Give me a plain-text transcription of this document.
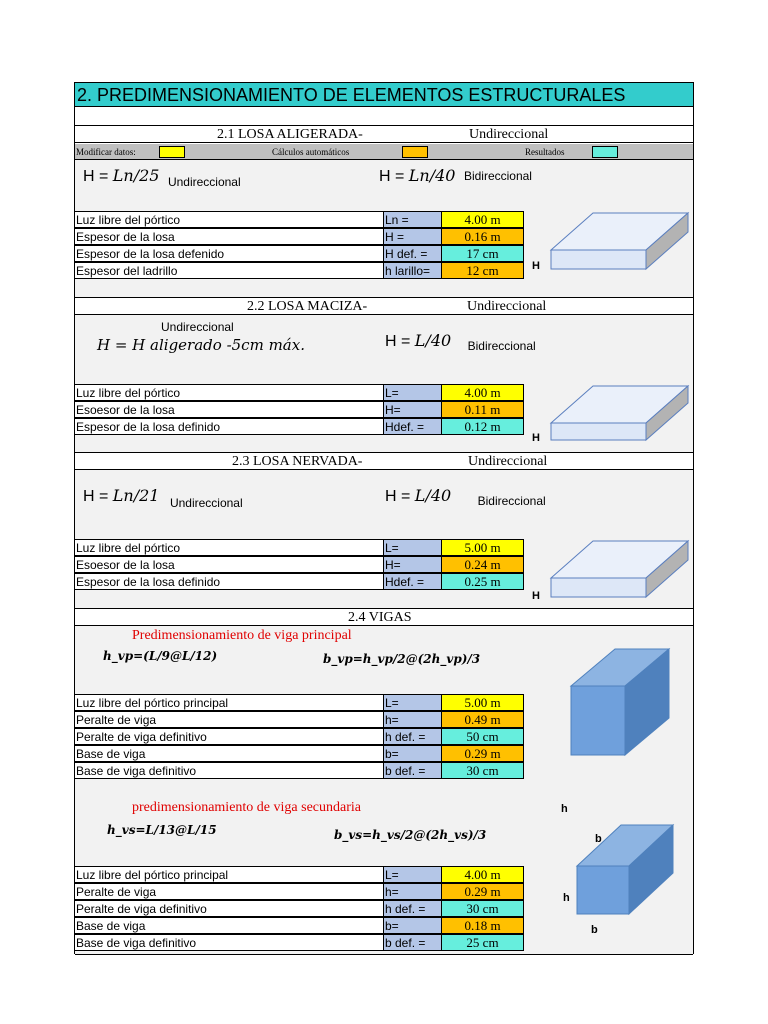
2. PREDIMENSIONAMIENTO DE ELEMENTOS ESTRUCTURALES
2.1 LOSA ALIGERADA-	Undireccional
Modificar datos:	Cálculos automáticos	Resultados
H = Ln/25 $_{Undireccional}$	H = Ln/40 Bidireccional
Luz libre del pórtico	Ln =	4.00 m
Espesor de la losa	H =	0.16 m
Espesor de la losa defenido	H def. =	17 cm
Espesor del ladrillo	h larillo=	12 cm	H
2.2 LOSA MACIZA-	Undireccional
Undireccional
H = H aligerado -5cm máx.	H = L/40 $_{Bidireccional}$
Luz libre del pórtico	L=	4.00 m
Esoesor de la losa	H=	0.11 m
Espesor de la losa definido	Hdef. =	0.12 m
H
2.3 LOSA NERVADA-	Undireccional
H = Ln/21 $_{Undireccional}$	H = L/40 $_{Bidireccional}$
Luz libre del pórtico	L=	5.00 m
Esoesor de la losa	H=	0.24 m
Espesor de la losa definido	Hdef. =	0.25 m
H
2.4 VIGAS
Predimensionamiento de viga principal
h_vp=(L/9@L/12)	b_vp=h_vp/2@(2h_vp)/3
Luz libre del pórtico principal	L=	5.00 m
Peralte de viga	h=	0.49 m
Peralte de viga definitivo	h def. =	50 cm
Base de viga	b=	0.29 m
Base de viga definitivo	b def. =	30 cm
h
b
predimensionamiento de viga secundaria
h_vs=L/13@L/15	b_vs=h_vs/2@(2h_vs)/3
Luz libre del pórtico principal	L=	4.00 m
Peralte de viga	h=	0.29 m
Peralte de viga definitivo	h def. =	30 cm
Base de viga	b=	0.18 m
Base de viga definitivo	b def. =	25 cm
h
b
